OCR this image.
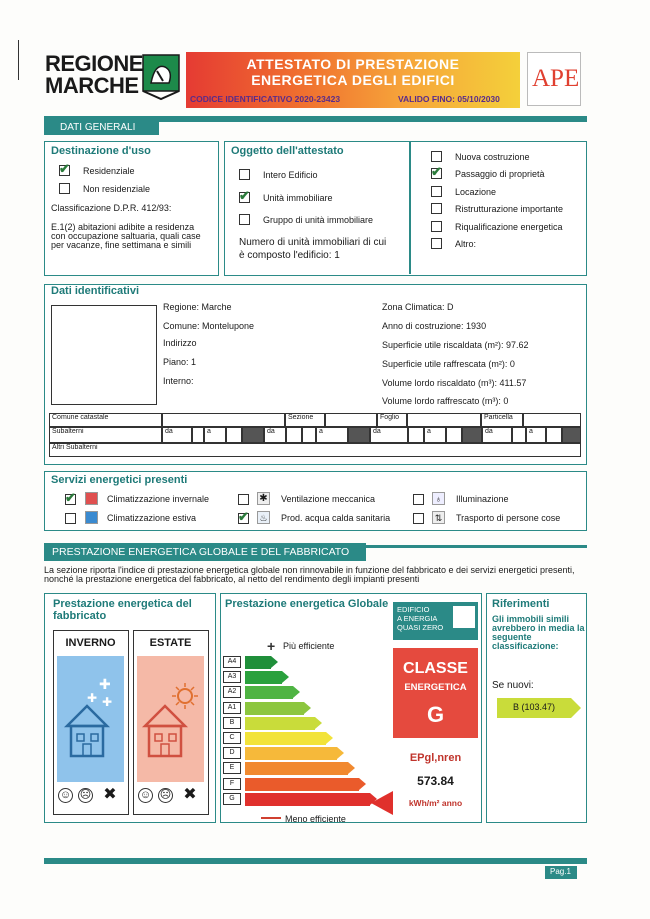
REGIONE
MARCHE
ATTESTATO DI PRESTAZIONE
ENERGETICA DEGLI EDIFICI
CODICE IDENTIFICATIVO 2020-23423	VALIDO FINO: 05/10/2030
APE
DATI GENERALI
Destinazione d'uso
✔
Residenziale
Non residenziale
Classificazione D.P.R. 412/93:
E.1(2) abitazioni adibite a residenza
con occupazione saltuaria, quali case
per vacanze, fine settimana e simili
Oggetto dell'attestato
Intero Edificio
✔
Unità immobiliare
Gruppo di unità immobiliare
Numero di unità immobiliari di cui
è composto l'edificio: 1
Nuova costruzione
✔
Passaggio di proprietà
Locazione
Ristrutturazione importante
Riqualificazione energetica
Altro:
Dati identificativi
Regione: Marche
Comune: Montelupone
Indirizzo
Piano: 1
Interno:
Zona Climatica: D
Anno di costruzione: 1930
Superficie utile riscaldata (m²): 97.62
Superficie utile raffrescata (m²): 0
Volume lordo riscaldato (m³): 411.57
Volume lordo raffrescato (m³): 0
Comune catastale	Sezione	Foglio	Particella
Subalterni	da	a	da	a	da	a	da	a
Altri Subalterni
Servizi energetici presenti
✔
Climatizzazione invernale
Climatizzazione estiva
✱ Ventilazione meccanica
✔
♨ Prod. acqua calda sanitaria
♁	Illuminazione
⇅	Trasporto di persone cose
PRESTAZIONE ENERGETICA GLOBALE E DEL FABBRICATO
La sezione riporta l'indice di prestazione energetica globale non rinnovabile in funzione del fabbricato e dei servizi energetici presenti,
nonché la prestazione energetica del fabbricato, al netto del rendimento degli impianti presenti
Prestazione energetica del
fabbricato
INVERNO
✚
✚ ✚
☺ ☹ ✖
ESTATE
☺ ☹ ✖
Prestazione energetica Globale
+ Più efficiente
A4
A3
A2
A1
B
C
D
E
F
G
Meno efficiente
EDIFICIO
A ENERGIA
QUASI ZERO
CLASSE
ENERGETICA
G
EPgl,nren
573.84
kWh/m² anno
Riferimenti
Gli immobili simili
avrebbero in media la
seguente
classificazione:
Se nuovi:
B (103.47)
Pag.1
